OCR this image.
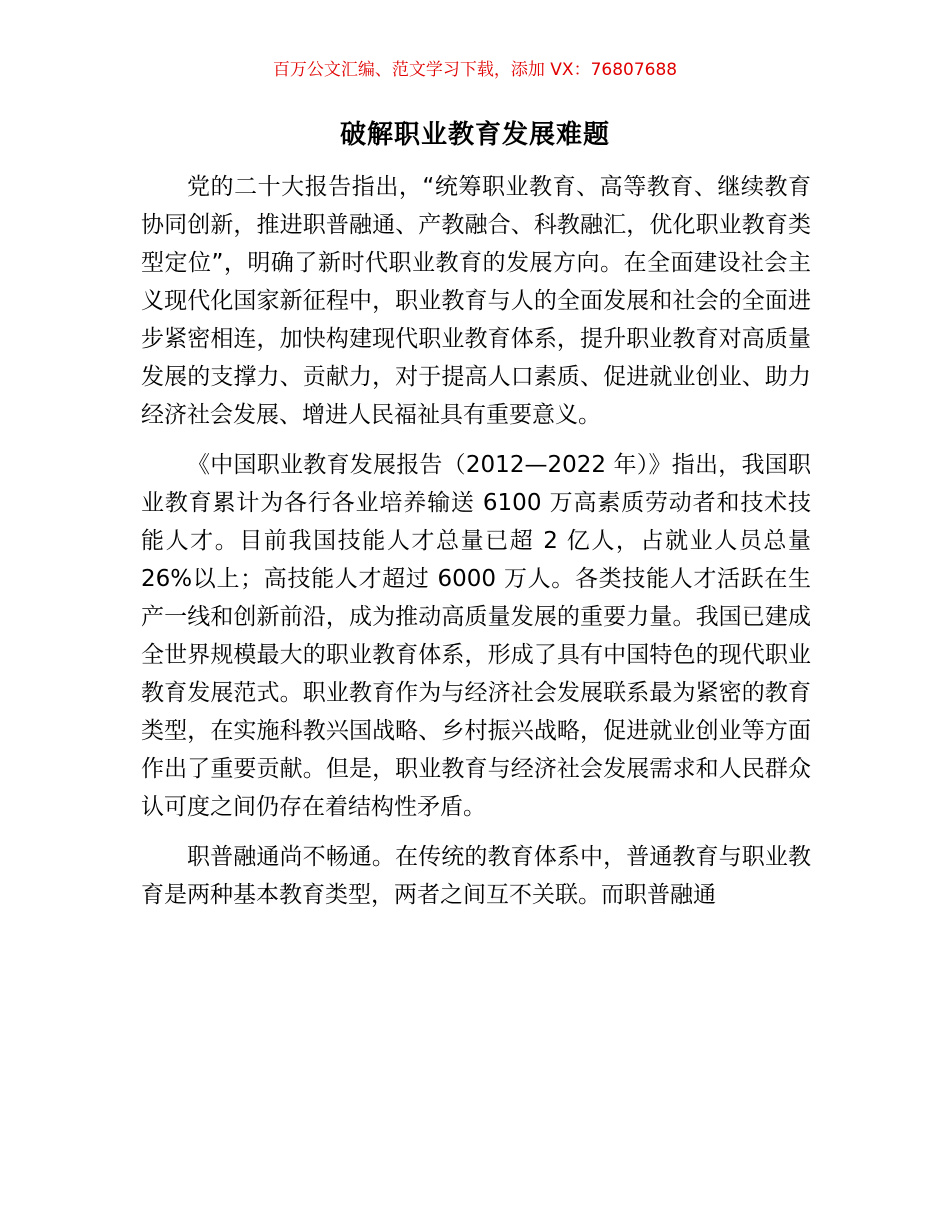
百万公文汇编、范文学习下载，添加 VX：76807688
破解职业教育发展难题

党的二十大报告指出，“统筹职业教育、高等教育、继续教育协同创新，推进职普融通、产教融合、科教融汇，优化职业教育类型定位”，明确了新时代职业教育的发展方向。在全面建设社会主义现代化国家新征程中，职业教育与人的全面发展和社会的全面进步紧密相连，加快构建现代职业教育体系，提升职业教育对高质量发展的支撑力、贡献力，对于提高人口素质、促进就业创业、助力经济社会发展、增进人民福祉具有重要意义。

《中国职业教育发展报告（2012—2022 年）》指出，我国职业教育累计为各行各业培养输送 6100 万高素质劳动者和技术技能人才。目前我国技能人才总量已超 2 亿人，占就业人员总量 26%以上；高技能人才超过 6000 万人。各类技能人才活跃在生产一线和创新前沿，成为推动高质量发展的重要力量。我国已建成全世界规模最大的职业教育体系，形成了具有中国特色的现代职业教育发展范式。职业教育作为与经济社会发展联系最为紧密的教育类型，在实施科教兴国战略、乡村振兴战略，促进就业创业等方面作出了重要贡献。但是，职业教育与经济社会发展需求和人民群众认可度之间仍存在着结构性矛盾。

职普融通尚不畅通。在传统的教育体系中，普通教育与职业教育是两种基本教育类型，两者之间互不关联。而职普融通
